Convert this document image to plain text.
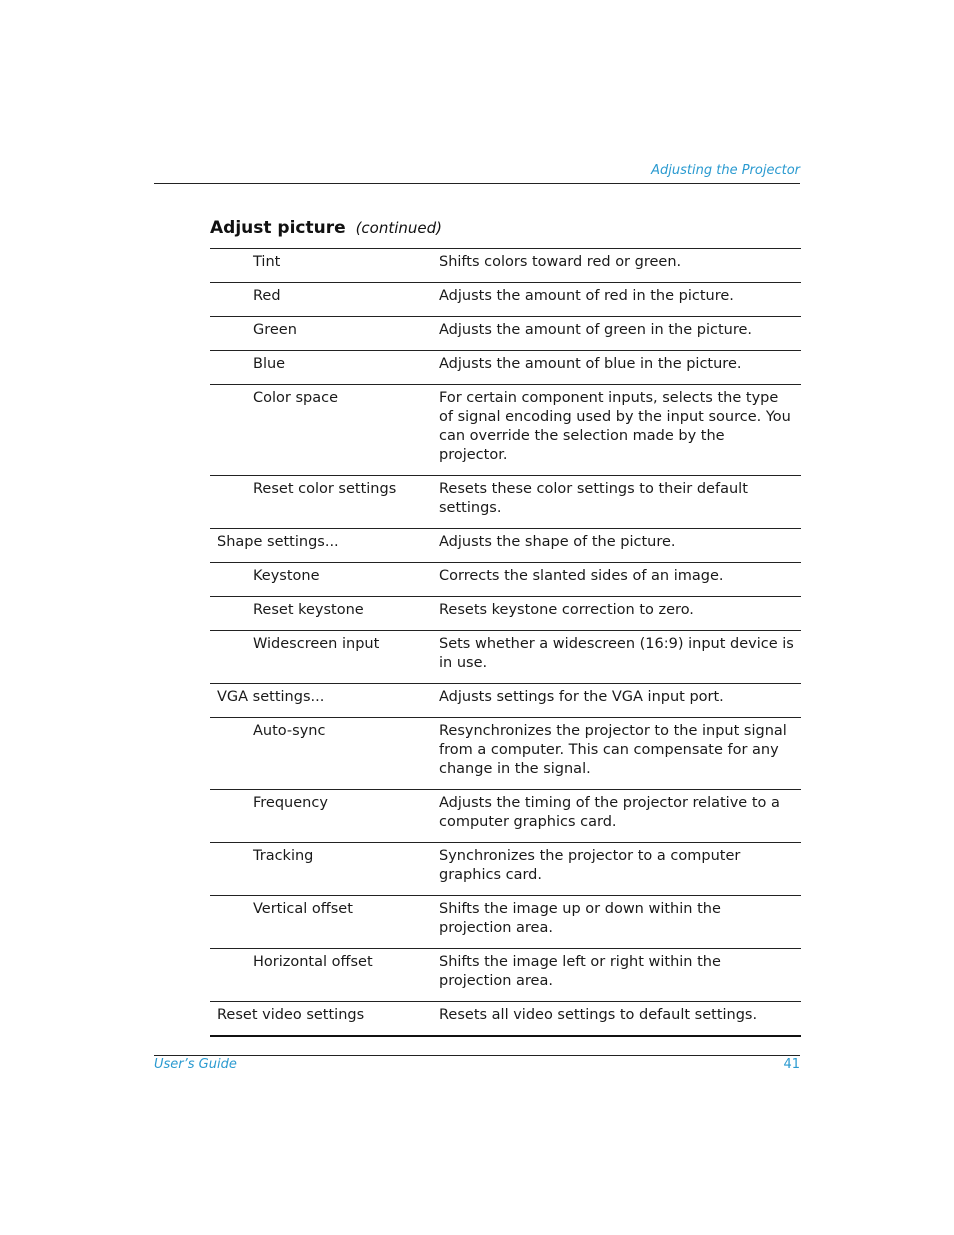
Adjusting the Projector
Adjust picture (continued)
Tint	Shifts colors toward red or green.
Red	Adjusts the amount of red in the picture.
Green	Adjusts the amount of green in the picture.
Blue	Adjusts the amount of blue in the picture.
Color space	For certain component inputs, selects the type of signal encoding used by the input source. You can override the selection made by the projector.
Reset color settings	Resets these color settings to their default settings.
Shape settings...	Adjusts the shape of the picture.
Keystone	Corrects the slanted sides of an image.
Reset keystone	Resets keystone correction to zero.
Widescreen input	Sets whether a widescreen (16:9) input device is in use.
VGA settings...	Adjusts settings for the VGA input port.
Auto-sync	Resynchronizes the projector to the input signal from a computer. This can compensate for any change in the signal.
Frequency	Adjusts the timing of the projector relative to a computer graphics card.
Tracking	Synchronizes the projector to a computer graphics card.
Vertical offset	Shifts the image up or down within the projection area.
Horizontal offset	Shifts the image left or right within the projection area.
Reset video settings	Resets all video settings to default settings.
User’s Guide	41
